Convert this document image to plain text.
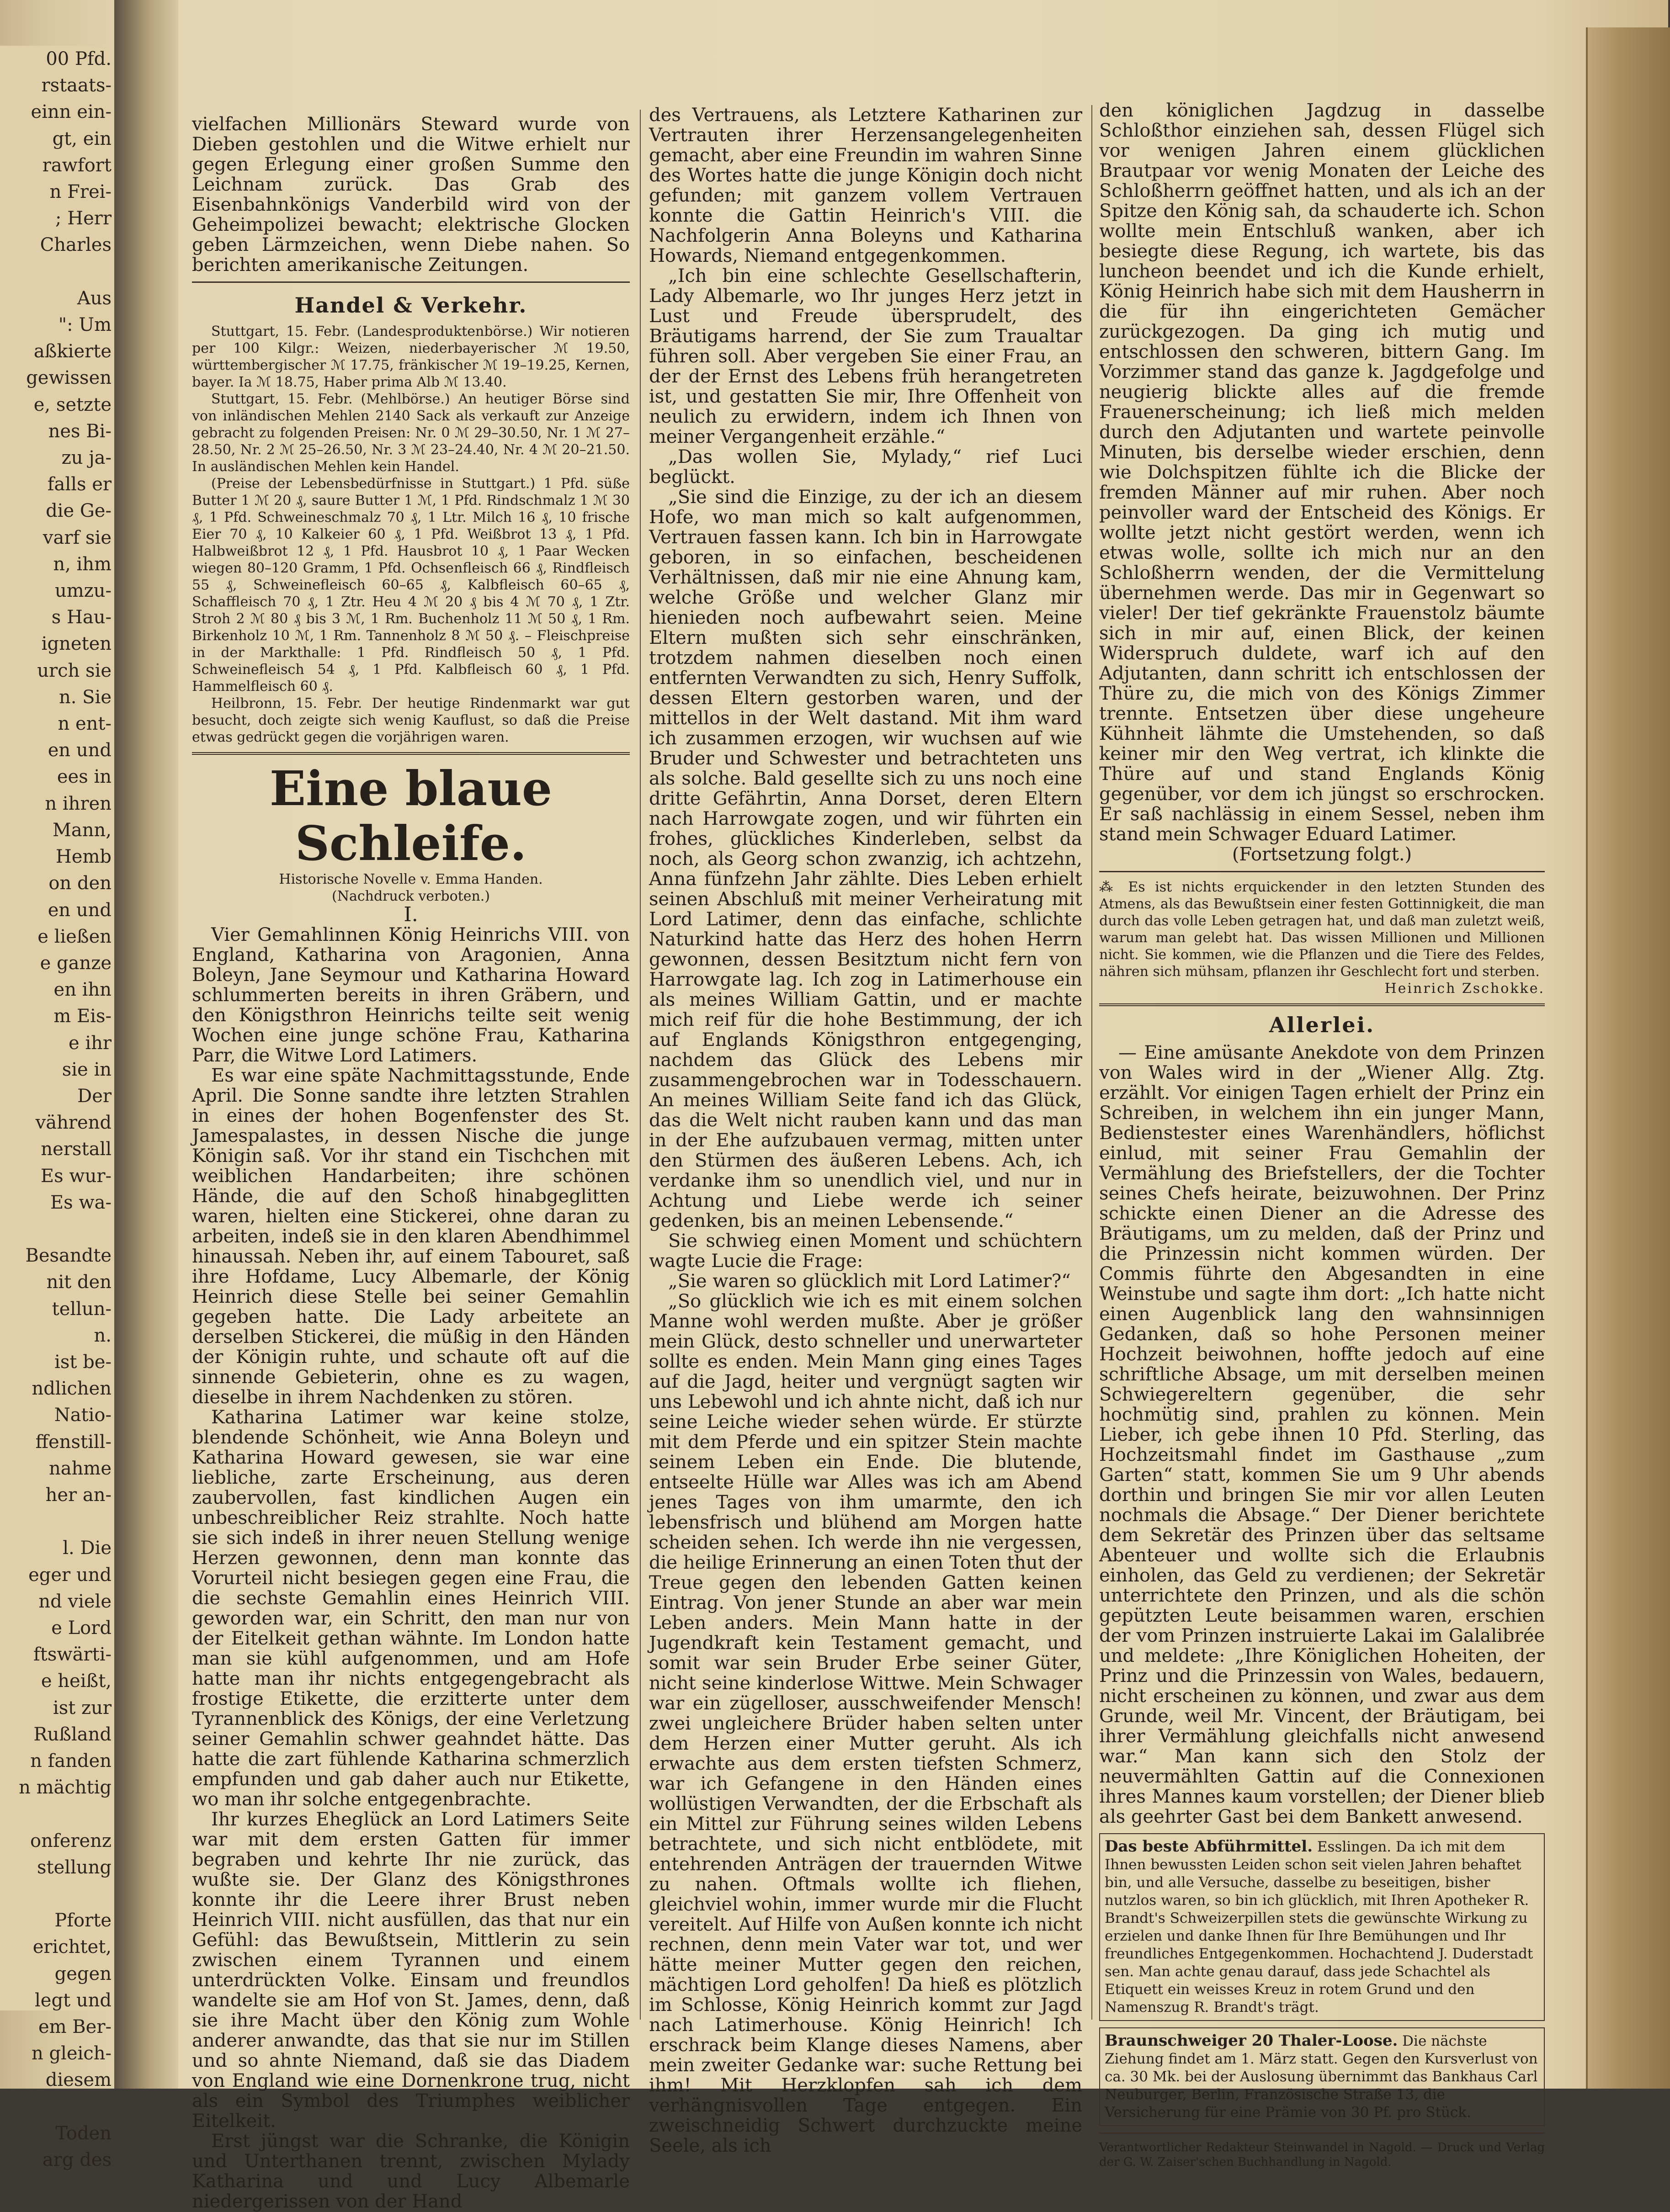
00 Pfd.
rstaats-
einn ein-
gt, ein
rawfort
n Frei-
; Herr
Charles

Aus
": Um
aßkierte
gewissen
e, setzte
nes Bi-
zu ja-
falls er
die Ge-
varf sie
n, ihm
umzu-
s Hau-
igneten
urch sie
n. Sie
n ent-
en und
ees in
n ihren
Mann,
Hemb
on den
en und
e ließen
e ganze
en ihn
m Eis-
e ihr
sie in
Der
vährend
nerstall
Es wur-
Es wa-

Besandte
nit den
tellun-
n.
ist be-
ndlichen
Natio-
ffenstill-
nahme
her an-

l. Die
eger und
nd viele
e Lord
ftswärti-
e heißt,
ist zur
Rußland
n fanden
n mächtig

onferenz
stellung

Pforte
erichtet,
gegen
legt und
em Ber-
n gleich-
diesem

Toden
arg des

vielfachen Millionärs Steward wurde von Dieben gestohlen und die Witwe erhielt nur gegen Erlegung einer großen Summe den Leichnam zurück. Das Grab des Eisenbahnkönigs Vanderbild wird von der Geheimpolizei bewacht; elektrische Glocken geben Lärmzeichen, wenn Diebe nahen. So berichten amerikanische Zeitungen.

Handel & Verkehr.

Stuttgart, 15. Febr. (Landesproduktenbörse.) Wir notieren per 100 Kilgr.: Weizen, niederbayerischer ℳ 19.50, württembergischer ℳ 17.75, fränkischer ℳ 19–19.25, Kernen, bayer. Ia ℳ 18.75, Haber prima Alb ℳ 13.40.

Stuttgart, 15. Febr. (Mehlbörse.) An heutiger Börse sind von inländischen Mehlen 2140 Sack als verkauft zur Anzeige gebracht zu folgenden Preisen: Nr. 0 ℳ 29–30.50, Nr. 1 ℳ 27–28.50, Nr. 2 ℳ 25–26.50, Nr. 3 ℳ 23–24.40, Nr. 4 ℳ 20–21.50. In ausländischen Mehlen kein Handel.

(Preise der Lebensbedürfnisse in Stuttgart.) 1 Pfd. süße Butter 1 ℳ 20 ₰, saure Butter 1 ℳ, 1 Pfd. Rindschmalz 1 ℳ 30 ₰, 1 Pfd. Schweineschmalz 70 ₰, 1 Ltr. Milch 16 ₰, 10 frische Eier 70 ₰, 10 Kalkeier 60 ₰, 1 Pfd. Weißbrot 13 ₰, 1 Pfd. Halbweißbrot 12 ₰, 1 Pfd. Hausbrot 10 ₰, 1 Paar Wecken wiegen 80–120 Gramm, 1 Pfd. Ochsenfleisch 66 ₰, Rindfleisch 55 ₰, Schweinefleisch 60–65 ₰, Kalbfleisch 60–65 ₰, Schaffleisch 70 ₰, 1 Ztr. Heu 4 ℳ 20 ₰ bis 4 ℳ 70 ₰, 1 Ztr. Stroh 2 ℳ 80 ₰ bis 3 ℳ, 1 Rm. Buchenholz 11 ℳ 50 ₰, 1 Rm. Birkenholz 10 ℳ, 1 Rm. Tannenholz 8 ℳ 50 ₰. – Fleischpreise in der Markthalle: 1 Pfd. Rindfleisch 50 ₰, 1 Pfd. Schweinefleisch 54 ₰, 1 Pfd. Kalbfleisch 60 ₰, 1 Pfd. Hammelfleisch 60 ₰.

Heilbronn, 15. Febr. Der heutige Rindenmarkt war gut besucht, doch zeigte sich wenig Kauflust, so daß die Preise etwas gedrückt gegen die vorjährigen waren.

Eine blaue Schleife.

Historische Novelle v. Emma Handen.

(Nachdruck verboten.)

I.

Vier Gemahlinnen König Heinrichs VIII. von England, Katharina von Aragonien, Anna Boleyn, Jane Seymour und Katharina Howard schlummerten bereits in ihren Gräbern, und den Königsthron Heinrichs teilte seit wenig Wochen eine junge schöne Frau, Katharina Parr, die Witwe Lord Latimers.

Es war eine späte Nachmittagsstunde, Ende April. Die Sonne sandte ihre letzten Strahlen in eines der hohen Bogenfenster des St. Jamespalastes, in dessen Nische die junge Königin saß. Vor ihr stand ein Tischchen mit weiblichen Handarbeiten; ihre schönen Hände, die auf den Schoß hinabgeglitten waren, hielten eine Stickerei, ohne daran zu arbeiten, indeß sie in den klaren Abendhimmel hinaussah. Neben ihr, auf einem Tabouret, saß ihre Hofdame, Lucy Albemarle, der König Heinrich diese Stelle bei seiner Gemahlin gegeben hatte. Die Lady arbeitete an derselben Stickerei, die müßig in den Händen der Königin ruhte, und schaute oft auf die sinnende Gebieterin, ohne es zu wagen, dieselbe in ihrem Nachdenken zu stören.

Katharina Latimer war keine stolze, blendende Schönheit, wie Anna Boleyn und Katharina Howard gewesen, sie war eine liebliche, zarte Erscheinung, aus deren zaubervollen, fast kindlichen Augen ein unbeschreiblicher Reiz strahlte. Noch hatte sie sich indeß in ihrer neuen Stellung wenige Herzen gewonnen, denn man konnte das Vorurteil nicht besiegen gegen eine Frau, die die sechste Gemahlin eines Heinrich VIII. geworden war, ein Schritt, den man nur von der Eitelkeit gethan wähnte. Im London hatte man sie kühl aufgenommen, und am Hofe hatte man ihr nichts entgegengebracht als frostige Etikette, die erzitterte unter dem Tyrannenblick des Königs, der eine Verletzung seiner Gemahlin schwer geahndet hätte. Das hatte die zart fühlende Katharina schmerzlich empfunden und gab daher auch nur Etikette, wo man ihr solche entgegenbrachte.

Ihr kurzes Eheglück an Lord Latimers Seite war mit dem ersten Gatten für immer begraben und kehrte Ihr nie zurück, das wußte sie. Der Glanz des Königsthrones konnte ihr die Leere ihrer Brust neben Heinrich VIII. nicht ausfüllen, das that nur ein Gefühl: das Bewußtsein, Mittlerin zu sein zwischen einem Tyrannen und einem unterdrückten Volke. Einsam und freundlos wandelte sie am Hof von St. James, denn, daß sie ihre Macht über den König zum Wohle anderer anwandte, das that sie nur im Stillen und so ahnte Niemand, daß sie das Diadem von England wie eine Dornenkrone trug, nicht als ein Symbol des Triumphes weiblicher Eitelkeit.

Erst jüngst war die Schranke, die Königin und Unterthanen trennt, zwischen Mylady Katharina und und Lucy Albemarle niedergerissen von der Hand

des Vertrauens, als Letztere Katharinen zur Vertrauten ihrer Herzensangelegenheiten gemacht, aber eine Freundin im wahren Sinne des Wortes hatte die junge Königin doch nicht gefunden; mit ganzem vollem Vertrauen konnte die Gattin Heinrich's VIII. die Nachfolgerin Anna Boleyns und Katharina Howards, Niemand entgegenkommen.

„Ich bin eine schlechte Gesellschafterin, Lady Albemarle, wo Ihr junges Herz jetzt in Lust und Freude übersprudelt, des Bräutigams harrend, der Sie zum Traualtar führen soll. Aber vergeben Sie einer Frau, an der der Ernst des Lebens früh herangetreten ist, und gestatten Sie mir, Ihre Offenheit von neulich zu erwidern, indem ich Ihnen von meiner Vergangenheit erzähle.“

„Das wollen Sie, Mylady,“ rief Luci beglückt.

„Sie sind die Einzige, zu der ich an diesem Hofe, wo man mich so kalt aufgenommen, Vertrauen fassen kann. Ich bin in Harrowgate geboren, in so einfachen, bescheidenen Verhältnissen, daß mir nie eine Ahnung kam, welche Größe und welcher Glanz mir hienieden noch aufbewahrt seien. Meine Eltern mußten sich sehr einschränken, trotzdem nahmen dieselben noch einen entfernten Verwandten zu sich, Henry Suffolk, dessen Eltern gestorben waren, und der mittellos in der Welt dastand. Mit ihm ward ich zusammen erzogen, wir wuchsen auf wie Bruder und Schwester und betrachteten uns als solche. Bald gesellte sich zu uns noch eine dritte Gefährtin, Anna Dorset, deren Eltern nach Harrowgate zogen, und wir führten ein frohes, glückliches Kinderleben, selbst da noch, als Georg schon zwanzig, ich achtzehn, Anna fünfzehn Jahr zählte. Dies Leben erhielt seinen Abschluß mit meiner Verheiratung mit Lord Latimer, denn das einfache, schlichte Naturkind hatte das Herz des hohen Herrn gewonnen, dessen Besitztum nicht fern von Harrowgate lag. Ich zog in Latimerhouse ein als meines William Gattin, und er machte mich reif für die hohe Bestimmung, der ich auf Englands Königsthron entgegenging, nachdem das Glück des Lebens mir zusammengebrochen war in Todesschauern. An meines William Seite fand ich das Glück, das die Welt nicht rauben kann und das man in der Ehe aufzubauen vermag, mitten unter den Stürmen des äußeren Lebens. Ach, ich verdanke ihm so unendlich viel, und nur in Achtung und Liebe werde ich seiner gedenken, bis an meinen Lebensende.“

Sie schwieg einen Moment und schüchtern wagte Lucie die Frage:

„Sie waren so glücklich mit Lord Latimer?“

„So glücklich wie ich es mit einem solchen Manne wohl werden mußte. Aber je größer mein Glück, desto schneller und unerwarteter sollte es enden. Mein Mann ging eines Tages auf die Jagd, heiter und vergnügt sagten wir uns Lebewohl und ich ahnte nicht, daß ich nur seine Leiche wieder sehen würde. Er stürzte mit dem Pferde und ein spitzer Stein machte seinem Leben ein Ende. Die blutende, entseelte Hülle war Alles was ich am Abend jenes Tages von ihm umarmte, den ich lebensfrisch und blühend am Morgen hatte scheiden sehen. Ich werde ihn nie vergessen, die heilige Erinnerung an einen Toten thut der Treue gegen den lebenden Gatten keinen Eintrag. Von jener Stunde an aber war mein Leben anders. Mein Mann hatte in der Jugendkraft kein Testament gemacht, und somit war sein Bruder Erbe seiner Güter, nicht seine kinderlose Wittwe. Mein Schwager war ein zügelloser, ausschweifender Mensch! zwei ungleichere Brüder haben selten unter dem Herzen einer Mutter geruht. Als ich erwachte aus dem ersten tiefsten Schmerz, war ich Gefangene in den Händen eines wollüstigen Verwandten, der die Erbschaft als ein Mittel zur Führung seines wilden Lebens betrachtete, und sich nicht entblödete, mit entehrenden Anträgen der trauernden Witwe zu nahen. Oftmals wollte ich fliehen, gleichviel wohin, immer wurde mir die Flucht vereitelt. Auf Hilfe von Außen konnte ich nicht rechnen, denn mein Vater war tot, und wer hätte meiner Mutter gegen den reichen, mächtigen Lord geholfen! Da hieß es plötzlich im Schlosse, König Heinrich kommt zur Jagd nach Latimerhouse. König Heinrich! Ich erschrack beim Klange dieses Namens, aber mein zweiter Gedanke war: suche Rettung bei ihm! Mit Herzklopfen sah ich dem verhängnisvollen Tage entgegen. Ein zweischneidig Schwert durchzuckte meine Seele, als ich

den königlichen Jagdzug in dasselbe Schloßthor einziehen sah, dessen Flügel sich vor wenigen Jahren einem glücklichen Brautpaar vor wenig Monaten der Leiche des Schloßherrn geöffnet hatten, und als ich an der Spitze den König sah, da schauderte ich. Schon wollte mein Entschluß wanken, aber ich besiegte diese Regung, ich wartete, bis das luncheon beendet und ich die Kunde erhielt, König Heinrich habe sich mit dem Hausherrn in die für ihn eingerichteten Gemächer zurückgezogen. Da ging ich mutig und entschlossen den schweren, bittern Gang. Im Vorzimmer stand das ganze k. Jagdgefolge und neugierig blickte alles auf die fremde Frauenerscheinung; ich ließ mich melden durch den Adjutanten und wartete peinvolle Minuten, bis derselbe wieder erschien, denn wie Dolchspitzen fühlte ich die Blicke der fremden Männer auf mir ruhen. Aber noch peinvoller ward der Entscheid des Königs. Er wollte jetzt nicht gestört werden, wenn ich etwas wolle, sollte ich mich nur an den Schloßherrn wenden, der die Vermittelung übernehmen werde. Das mir in Gegenwart so vieler! Der tief gekränkte Frauenstolz bäumte sich in mir auf, einen Blick, der keinen Widerspruch duldete, warf ich auf den Adjutanten, dann schritt ich entschlossen der Thüre zu, die mich von des Königs Zimmer trennte. Entsetzen über diese ungeheure Kühnheit lähmte die Umstehenden, so daß keiner mir den Weg vertrat, ich klinkte die Thüre auf und stand Englands König gegenüber, vor dem ich jüngst so erschrocken. Er saß nachlässig in einem Sessel, neben ihm stand mein Schwager Eduard Latimer.

(Fortsetzung folgt.)

⁂ Es ist nichts erquickender in den letzten Stunden des Atmens, als das Bewußtsein einer festen Gottinnigkeit, die man durch das volle Leben getragen hat, und daß man zuletzt weiß, warum man gelebt hat. Das wissen Millionen und Millionen nicht. Sie kommen, wie die Pflanzen und die Tiere des Feldes, nähren sich mühsam, pflanzen ihr Geschlecht fort und sterben.

Heinrich Zschokke.

Allerlei.

— Eine amüsante Anekdote von dem Prinzen von Wales wird in der „Wiener Allg. Ztg. erzählt. Vor einigen Tagen erhielt der Prinz ein Schreiben, in welchem ihn ein junger Mann, Bedienstester eines Warenhändlers, höflichst einlud, mit seiner Frau Gemahlin der Vermählung des Briefstellers, der die Tochter seines Chefs heirate, beizuwohnen. Der Prinz schickte einen Diener an die Adresse des Bräutigams, um zu melden, daß der Prinz und die Prinzessin nicht kommen würden. Der Commis führte den Abgesandten in eine Weinstube und sagte ihm dort: „Ich hatte nicht einen Augenblick lang den wahnsinnigen Gedanken, daß so hohe Personen meiner Hochzeit beiwohnen, hoffte jedoch auf eine schriftliche Absage, um mit derselben meinen Schwiegereltern gegenüber, die sehr hochmütig sind, prahlen zu können. Mein Lieber, ich gebe ihnen 10 Pfd. Sterling, das Hochzeitsmahl findet im Gasthause „zum Garten“ statt, kommen Sie um 9 Uhr abends dorthin und bringen Sie mir vor allen Leuten nochmals die Absage.“ Der Diener berichtete dem Sekretär des Prinzen über das seltsame Abenteuer und wollte sich die Erlaubnis einholen, das Geld zu verdienen; der Sekretär unterrichtete den Prinzen, und als die schön gepützten Leute beisammen waren, erschien der vom Prinzen instruierte Lakai im Galalibrée und meldete: „Ihre Königlichen Hoheiten, der Prinz und die Prinzessin von Wales, bedauern, nicht erscheinen zu können, und zwar aus dem Grunde, weil Mr. Vincent, der Bräutigam, bei ihrer Vermählung gleichfalls nicht anwesend war.“ Man kann sich den Stolz der neuvermählten Gattin auf die Connexionen ihres Mannes kaum vorstellen; der Diener blieb als geehrter Gast bei dem Bankett anwesend.

Das beste Abführmittel. Esslingen. Da ich mit dem Ihnen bewussten Leiden schon seit vielen Jahren behaftet bin, und alle Versuche, dasselbe zu beseitigen, bisher nutzlos waren, so bin ich glücklich, mit Ihren Apotheker R. Brandt's Schweizerpillen stets die gewünschte Wirkung zu erzielen und danke Ihnen für Ihre Bemühungen und Ihr freundliches Entgegenkommen. Hochachtend J. Duderstadt sen. Man achte genau darauf, dass jede Schachtel als Etiquett ein weisses Kreuz in rotem Grund und den Namenszug R. Brandt's trägt.
Braunschweiger 20 Thaler-Loose. Die nächste Ziehung findet am 1. März statt. Gegen den Kursverlust von ca. 30 Mk. bei der Auslosung übernimmt das Bankhaus Carl Neuburger, Berlin, Französische Straße 13, die Versicherung für eine Prämie von 30 Pf. pro Stück.

Verantwortlicher Redakteur Steinwandel in Nagold. — Druck und Verlag der G. W. Zaiser'schen Buchhandlung in Nagold.
